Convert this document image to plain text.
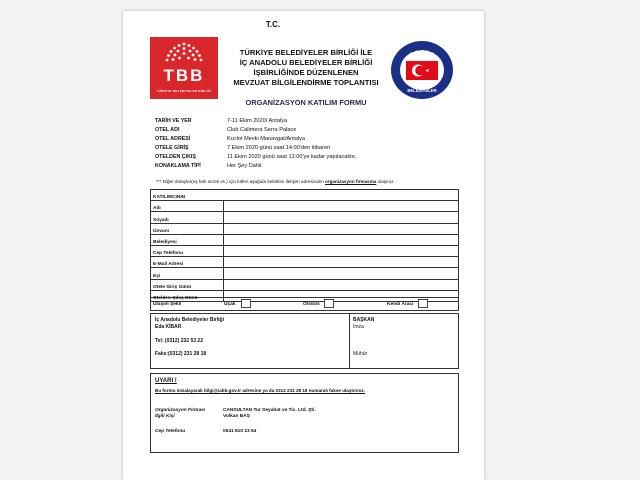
T.C.
TBB
TÜRKİYE BELEDİYELER BİRLİĞİ
TÜRKİYE BELEDİYELER BİRLİĞİ İLE
İÇ ANADOLU BELEDİYELER BİRLİĞİ
İŞBİRLİĞİNDE DÜZENLENEN
MEVZUAT BİLGİLENDİRME TOPLANTISI
BELEDİYELER
ORGANİZASYON KATILIM FORMU
TARİH VE YER	7-11 Ekim 2020/ Antalya
OTEL ADI	Club Calimera Serra Palace
OTEL ADRESİ	Kızılot Mevki Manavgat/Antalya
OTELE GİRİŞ	7 Ekim 2020 günü saat 14:00'den itibaren
OTELDEN ÇIKIŞ	11 Ekim 2020 günü saat 12:00'ye kadar yapılacaktır.
KONAKLAMA TİPİ	Her Şey Dahil
*** Diğer detaylar(eş fark ücreti vs.) için lütfen aşağıda belirtilen iletişim adresinden organizasyon firmasına ulaşınız.
KATILIMCININ	
Adı	
Soyadı	
Ünvanı	
Belediyesi	
Cep Telefonu	
E-Mail Adresi	
Eşi	
Otele Giriş Günü	
Otelden Çıkış Günü	
Ulaşım Şekli	Uçak	Otobüs	Kendi Aracı
İç Anadolu Belediyeler Birliği
Eda KİBAR
Tel: (0312) 232 53 22
Faks:(0312) 231 28 18
BAŞKAN
İmza
Mühür
UYARI !
Bu formu imzalayarak bilgi@iabb.gov.tr adresine ya da 0312 231 28 18 numaralı fakse ulaştırınız.
Organizasyon Firması	CANSULTAN Tur Seyahat ve Tic. Ltd. Şti.
İlgili Kişi	Volkan BAŞ
Cep Telefonu	0541 810 23 64
